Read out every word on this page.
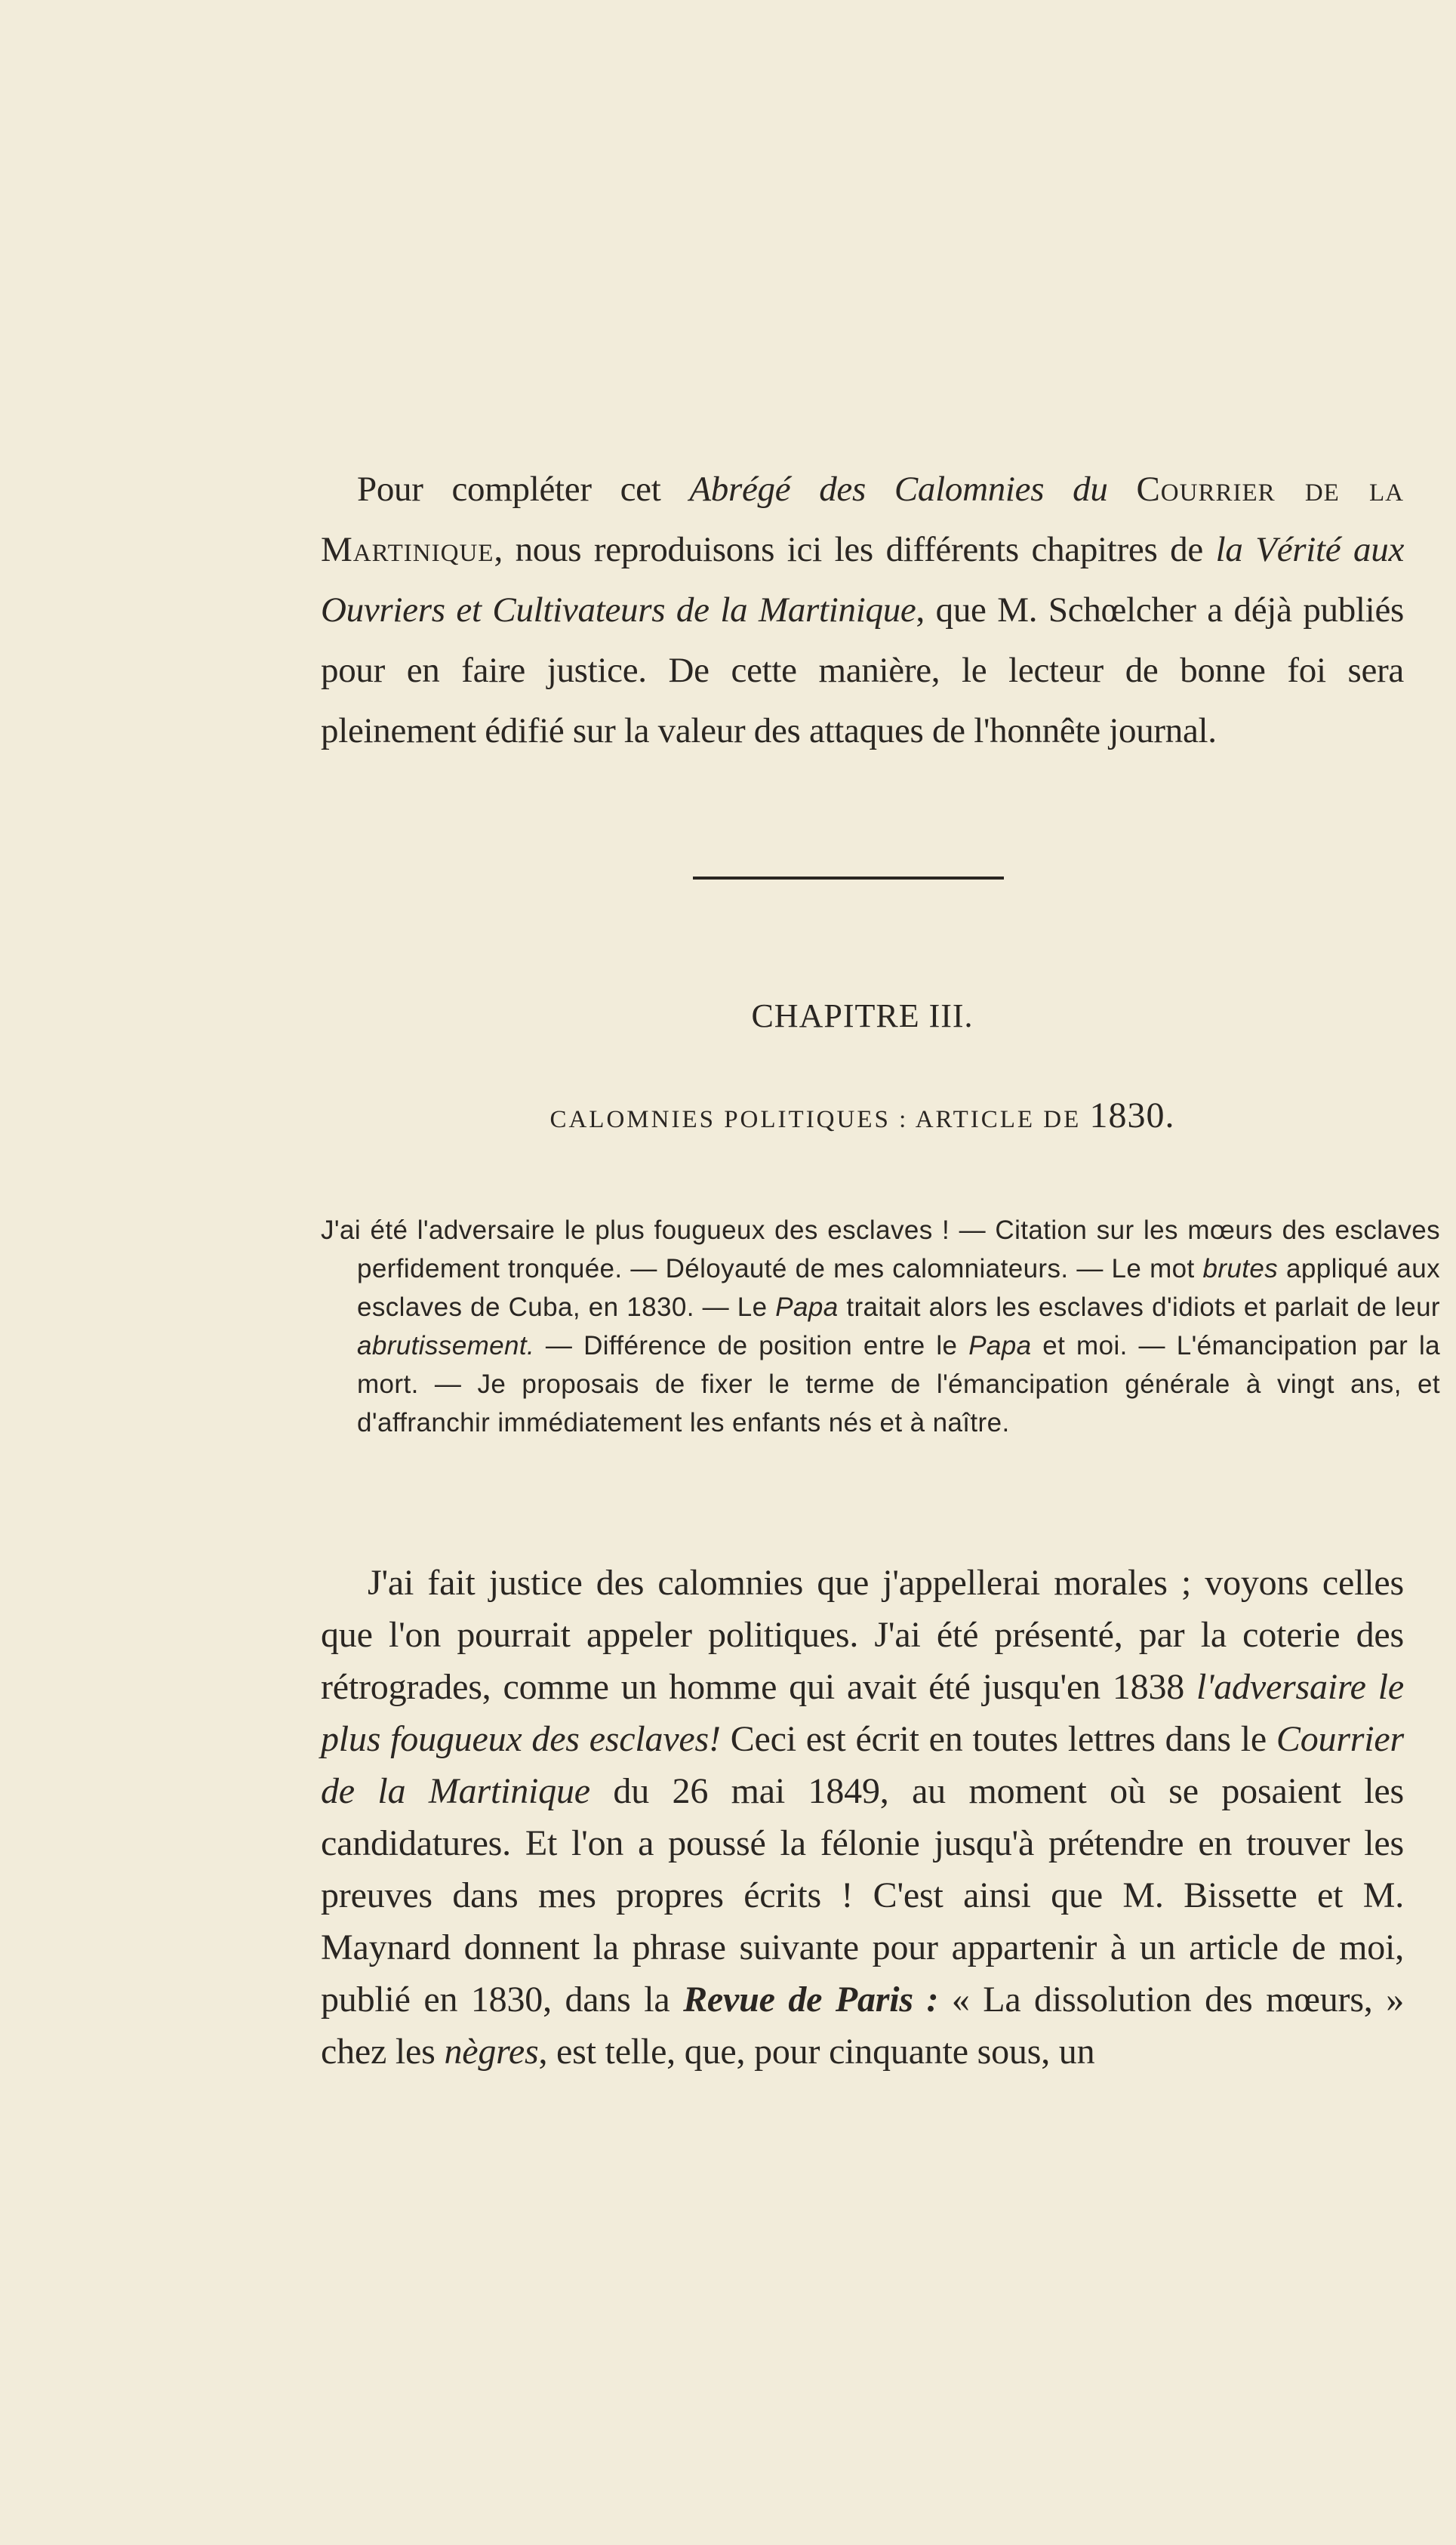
Pour compléter cet Abrégé des Calomnies du Courrier de la Martinique, nous reproduisons ici les différents chapitres de la Vérité aux Ouvriers et Cultivateurs de la Martinique, que M. Schœlcher a déjà publiés pour en faire justice. De cette manière, le lecteur de bonne foi sera pleinement édifié sur la valeur des attaques de l'honnête journal.

CHAPITRE III.
CALOMNIES POLITIQUES : ARTICLE DE 1830.

J'ai été l'adversaire le plus fougueux des esclaves ! — Citation sur les mœurs des esclaves perfidement tronquée. — Déloyauté de mes calomniateurs. — Le mot brutes appliqué aux esclaves de Cuba, en 1830. — Le Papa traitait alors les esclaves d'idiots et parlait de leur abrutissement. — Différence de position entre le Papa et moi. — L'émancipation par la mort. — Je proposais de fixer le terme de l'émancipation générale à vingt ans, et d'affranchir immédiatement les enfants nés et à naître.

J'ai fait justice des calomnies que j'appellerai morales ; voyons celles que l'on pourrait appeler politiques. J'ai été présenté, par la coterie des rétrogrades, comme un homme qui avait été jusqu'en 1838 l'adversaire le plus fougueux des esclaves! Ceci est écrit en toutes lettres dans le Courrier de la Martinique du 26 mai 1849, au moment où se posaient les candidatures. Et l'on a poussé la félonie jusqu'à prétendre en trouver les preuves dans mes propres écrits ! C'est ainsi que M. Bissette et M. Maynard donnent la phrase suivante pour appartenir à un article de moi, publié en 1830, dans la Revue de Paris : « La dissolution des mœurs, » chez les nègres, est telle, que, pour cinquante sous, un
